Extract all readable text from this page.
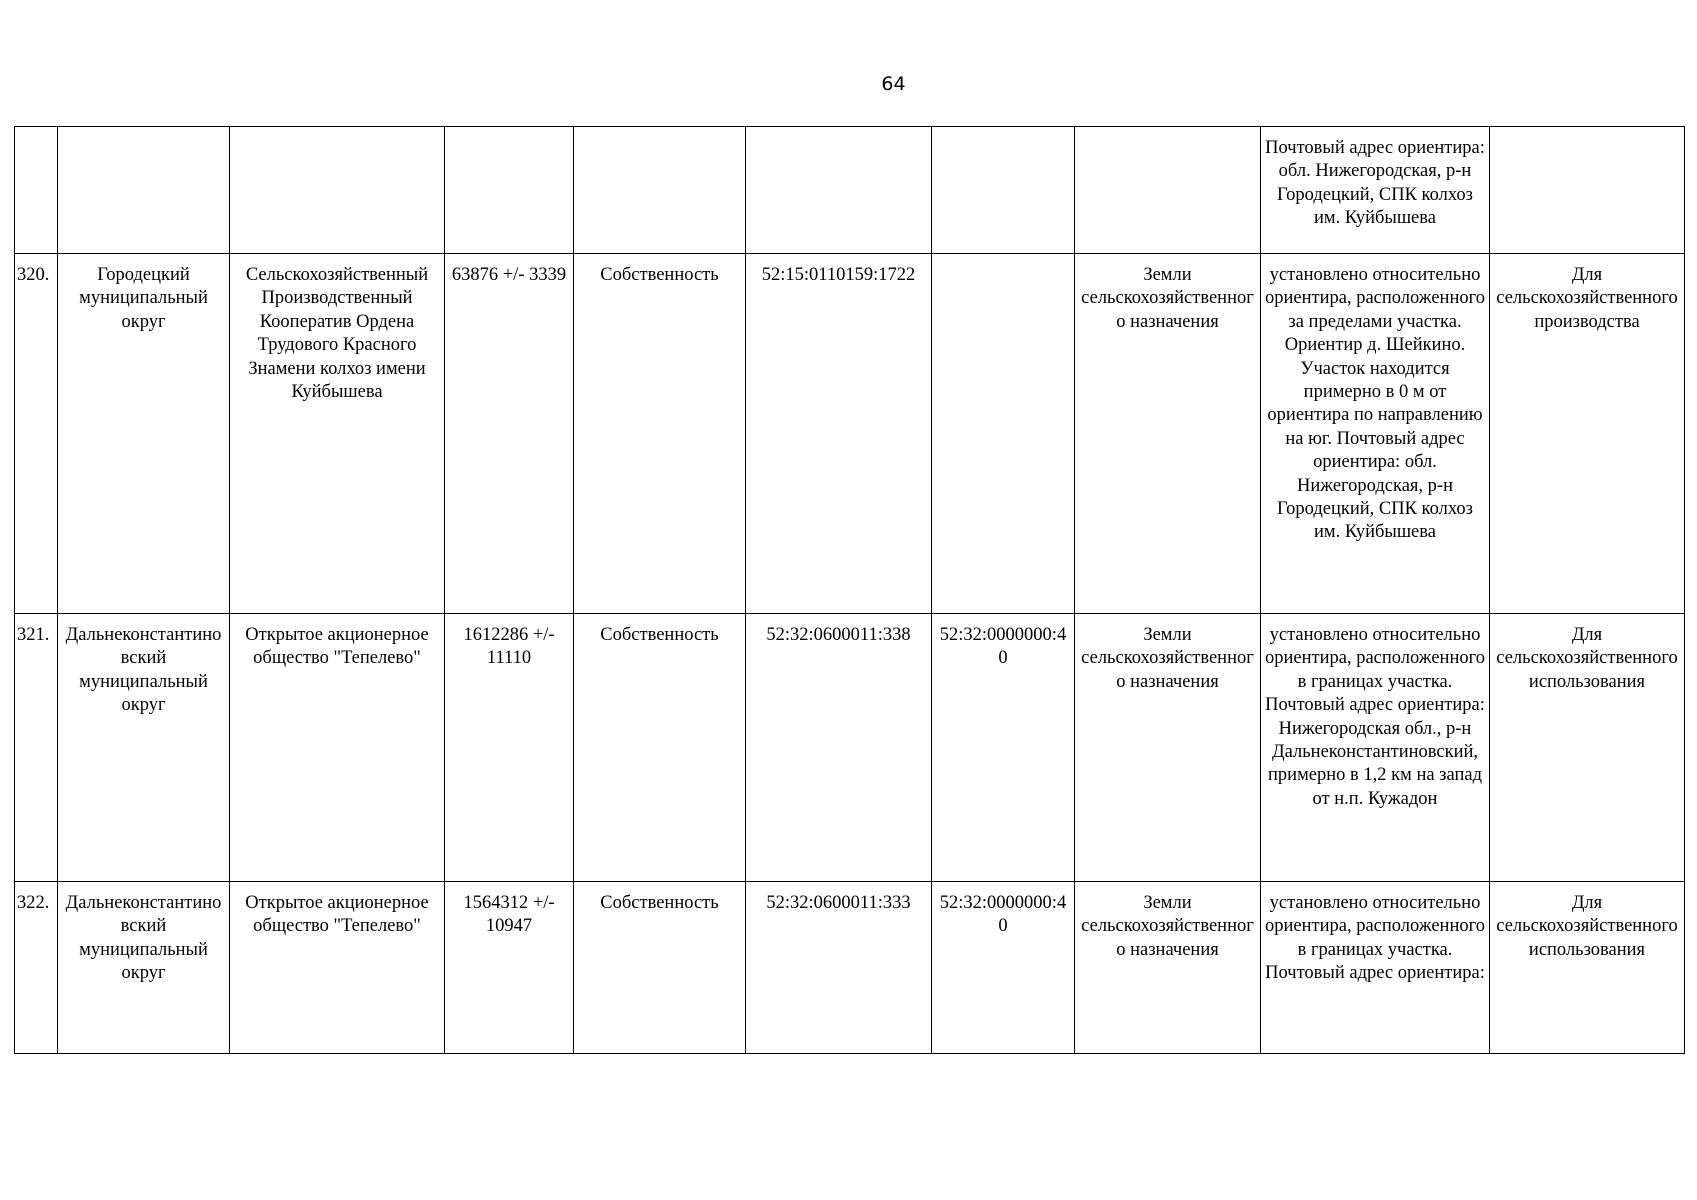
64
								Почтовый адрес ориентира: обл. Нижегородская, р-н Городецкий, СПК колхоз им. Куйбышева	
320.	Городецкий муниципальный округ	Сельскохозяйственный Производственный Кооператив Ордена Трудового Красного Знамени колхоз имени Куйбышева	63876 +/- 3339	Собственность	52:15:0110159:1722		Земли сельскохозяйственного назначения	установлено относительно ориентира, расположенного за пределами участка. Ориентир д. Шейкино. Участок находится примерно в 0 м от ориентира по направлению на юг. Почтовый адрес ориентира: обл. Нижегородская, р-н Городецкий, СПК колхоз им. Куйбышева	Для сельскохозяйственного производства
321.	Дальнеконстантиновский муниципальный округ	Открытое акционерное общество "Тепелево"	1612286 +/- 11110	Собственность	52:32:0600011:338	52:32:0000000:40	Земли сельскохозяйственного назначения	установлено относительно ориентира, расположенного в границах участка. Почтовый адрес ориентира: Нижегородская обл., р-н Дальнеконстантиновский, примерно в 1,2 км на запад от н.п. Кужадон	Для сельскохозяйственного использования
322.	Дальнеконстантиновский муниципальный округ	Открытое акционерное общество "Тепелево"	1564312 +/- 10947	Собственность	52:32:0600011:333	52:32:0000000:40	Земли сельскохозяйственного назначения	установлено относительно ориентира, расположенного в границах участка. Почтовый адрес ориентира:	Для сельскохозяйственного использования
